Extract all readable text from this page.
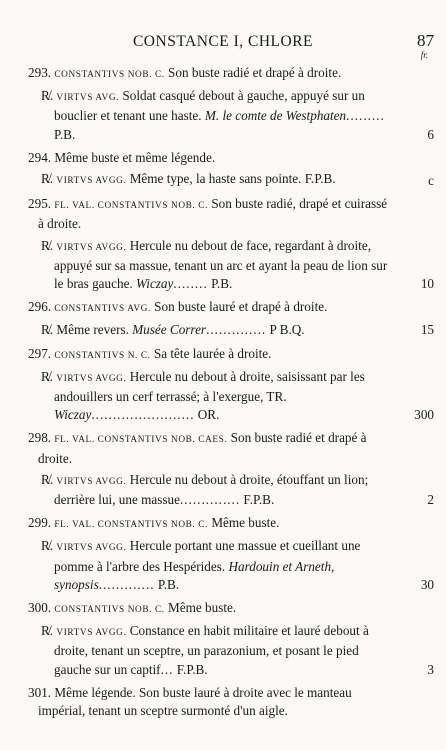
CONSTANCE I, CHLORE	87
fr.
293. CONSTANTIVS NOB. C. Son buste radié et drapé à droite.
R̸. VIRTVS AVG. Soldat casqué debout à gauche, appuyé sur un bouclier et tenant une haste. M. le comte de Westphaten......... P.B.	6
294. Même buste et même légende.
R̸. VIRTVS AVGG. Même type, la haste sans pointe. F.P.B.	c
295. FL. VAL. CONSTANTIVS NOB. C. Son buste radié, drapé et cuirassé à droite.
R̸. VIRTVS AVGG. Hercule nu debout de face, regardant à droite, appuyé sur sa massue, tenant un arc et ayant la peau de lion sur le bras gauche. Wiczay........ P.B.	10
296. CONSTANTIVS AVG. Son buste lauré et drapé à droite.
R̸. Même revers. Musée Correr.............. P B.Q.	15
297. CONSTANTIVS N. C. Sa tête laurée à droite.
R̸. VIRTVS AVGG. Hercule nu debout à droite, saisissant par les andouillers un cerf terrassé; à l'exergue, TR. Wiczay........................ OR.	300
298. FL. VAL. CONSTANTIVS NOB. CAES. Son buste radié et drapé à droite.
R̸. VIRTVS AVGG. Hercule nu debout à droite, étouffant un lion; derrière lui, une massue.............. F.P.B.	2
299. FL. VAL. CONSTANTIVS NOB. C. Même buste.
R̸. VIRTVS AVGG. Hercule portant une massue et cueillant une pomme à l'arbre des Hespérides. Hardouin et Arneth, synopsis............. P.B.	30
300. CONSTANTIVS NOB. C. Même buste.
R̸. VIRTVS AVGG. Constance en habit militaire et lauré debout à droite, tenant un sceptre, un parazonium, et posant le pied gauche sur un captif... F.P.B.	3
301. Même légende. Son buste lauré à droite avec le manteau impérial, tenant un sceptre surmonté d'un aigle.
